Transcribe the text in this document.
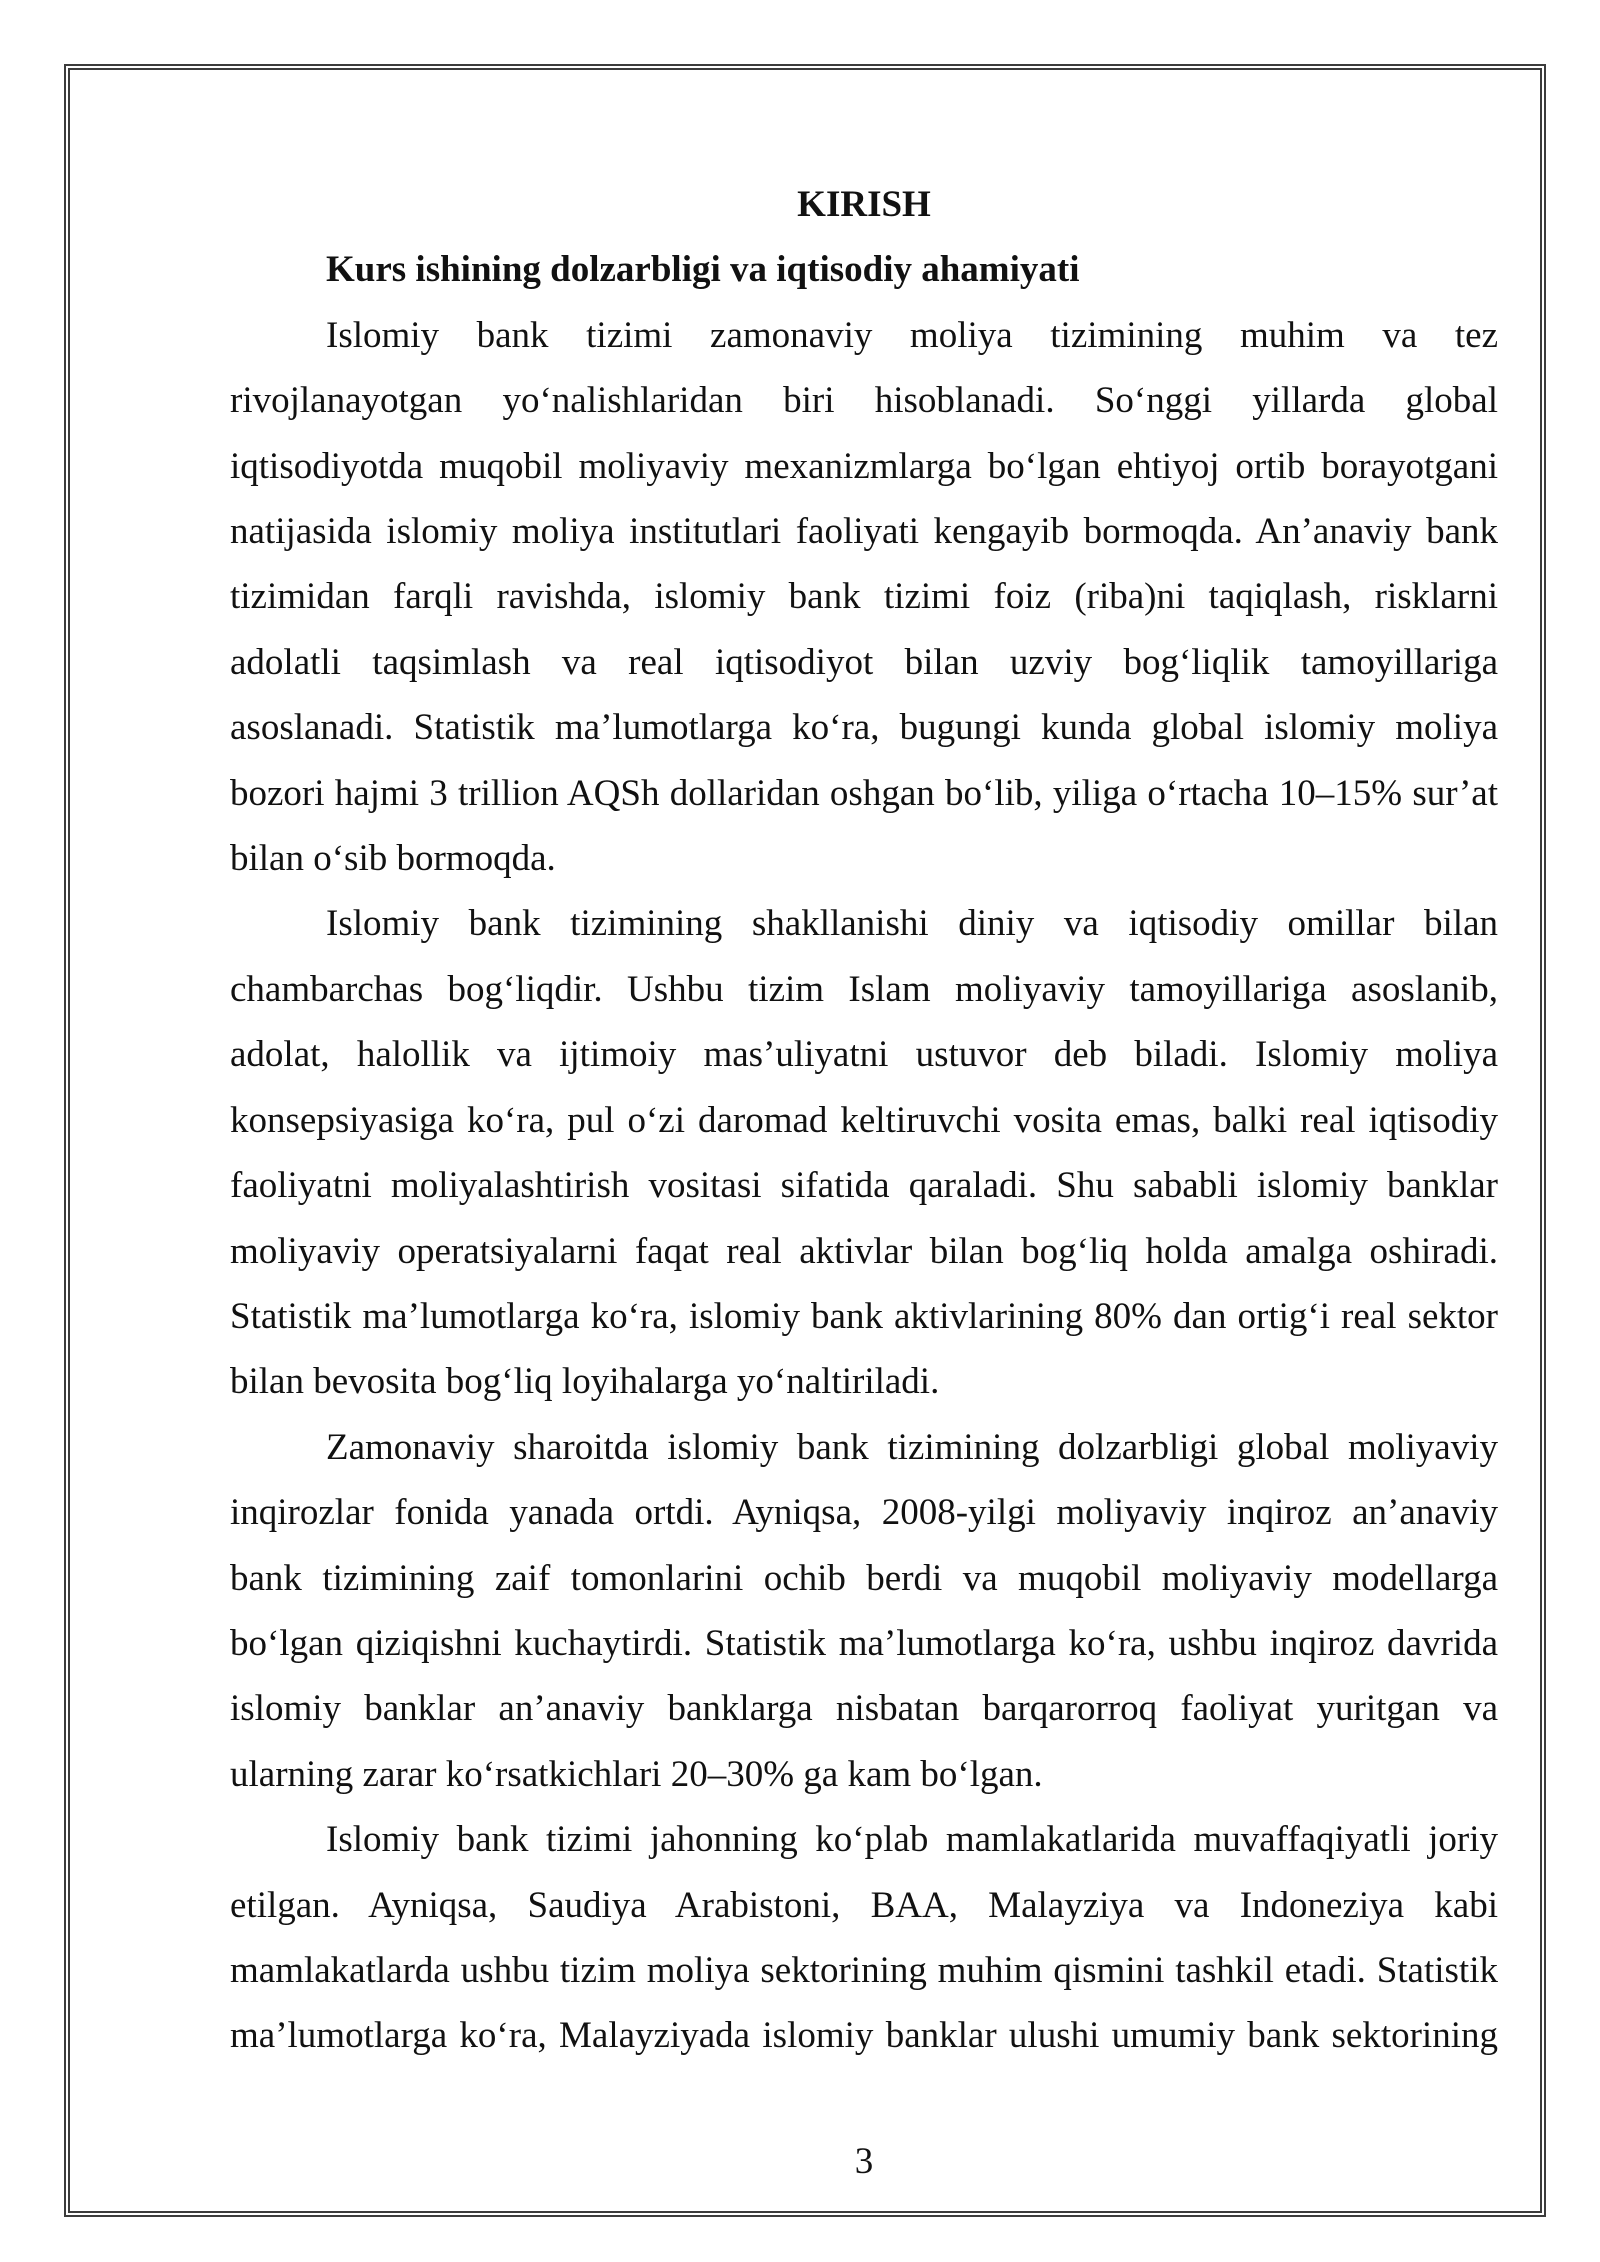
KIRISH
Kurs ishining dolzarbligi va iqtisodiy ahamiyati
Islomiy bank tizimi zamonaviy moliya tizimining muhim va tez
rivojlanayotgan yo‘nalishlaridan biri hisoblanadi. So‘nggi yillarda global
iqtisodiyotda muqobil moliyaviy mexanizmlarga bo‘lgan ehtiyoj ortib borayotgani
natijasida islomiy moliya institutlari faoliyati kengayib bormoqda. An’anaviy bank
tizimidan farqli ravishda, islomiy bank tizimi foiz (riba)ni taqiqlash, risklarni
adolatli taqsimlash va real iqtisodiyot bilan uzviy bog‘liqlik tamoyillariga
asoslanadi. Statistik ma’lumotlarga ko‘ra, bugungi kunda global islomiy moliya
bozori hajmi 3 trillion AQSh dollaridan oshgan bo‘lib, yiliga o‘rtacha 10–15% sur’at
bilan o‘sib bormoqda.
Islomiy bank tizimining shakllanishi diniy va iqtisodiy omillar bilan
chambarchas bog‘liqdir. Ushbu tizim Islam moliyaviy tamoyillariga asoslanib,
adolat, halollik va ijtimoiy mas’uliyatni ustuvor deb biladi. Islomiy moliya
konsepsiyasiga ko‘ra, pul o‘zi daromad keltiruvchi vosita emas, balki real iqtisodiy
faoliyatni moliyalashtirish vositasi sifatida qaraladi. Shu sababli islomiy banklar
moliyaviy operatsiyalarni faqat real aktivlar bilan bog‘liq holda amalga oshiradi.
Statistik ma’lumotlarga ko‘ra, islomiy bank aktivlarining 80% dan ortig‘i real sektor
bilan bevosita bog‘liq loyihalarga yo‘naltiriladi.
Zamonaviy sharoitda islomiy bank tizimining dolzarbligi global moliyaviy
inqirozlar fonida yanada ortdi. Ayniqsa, 2008-yilgi moliyaviy inqiroz an’anaviy
bank tizimining zaif tomonlarini ochib berdi va muqobil moliyaviy modellarga
bo‘lgan qiziqishni kuchaytirdi. Statistik ma’lumotlarga ko‘ra, ushbu inqiroz davrida
islomiy banklar an’anaviy banklarga nisbatan barqarorroq faoliyat yuritgan va
ularning zarar ko‘rsatkichlari 20–30% ga kam bo‘lgan.
Islomiy bank tizimi jahonning ko‘plab mamlakatlarida muvaffaqiyatli joriy
etilgan. Ayniqsa, Saudiya Arabistoni, BAA, Malayziya va Indoneziya kabi
mamlakatlarda ushbu tizim moliya sektorining muhim qismini tashkil etadi. Statistik
ma’lumotlarga ko‘ra, Malayziyada islomiy banklar ulushi umumiy bank sektorining
3
